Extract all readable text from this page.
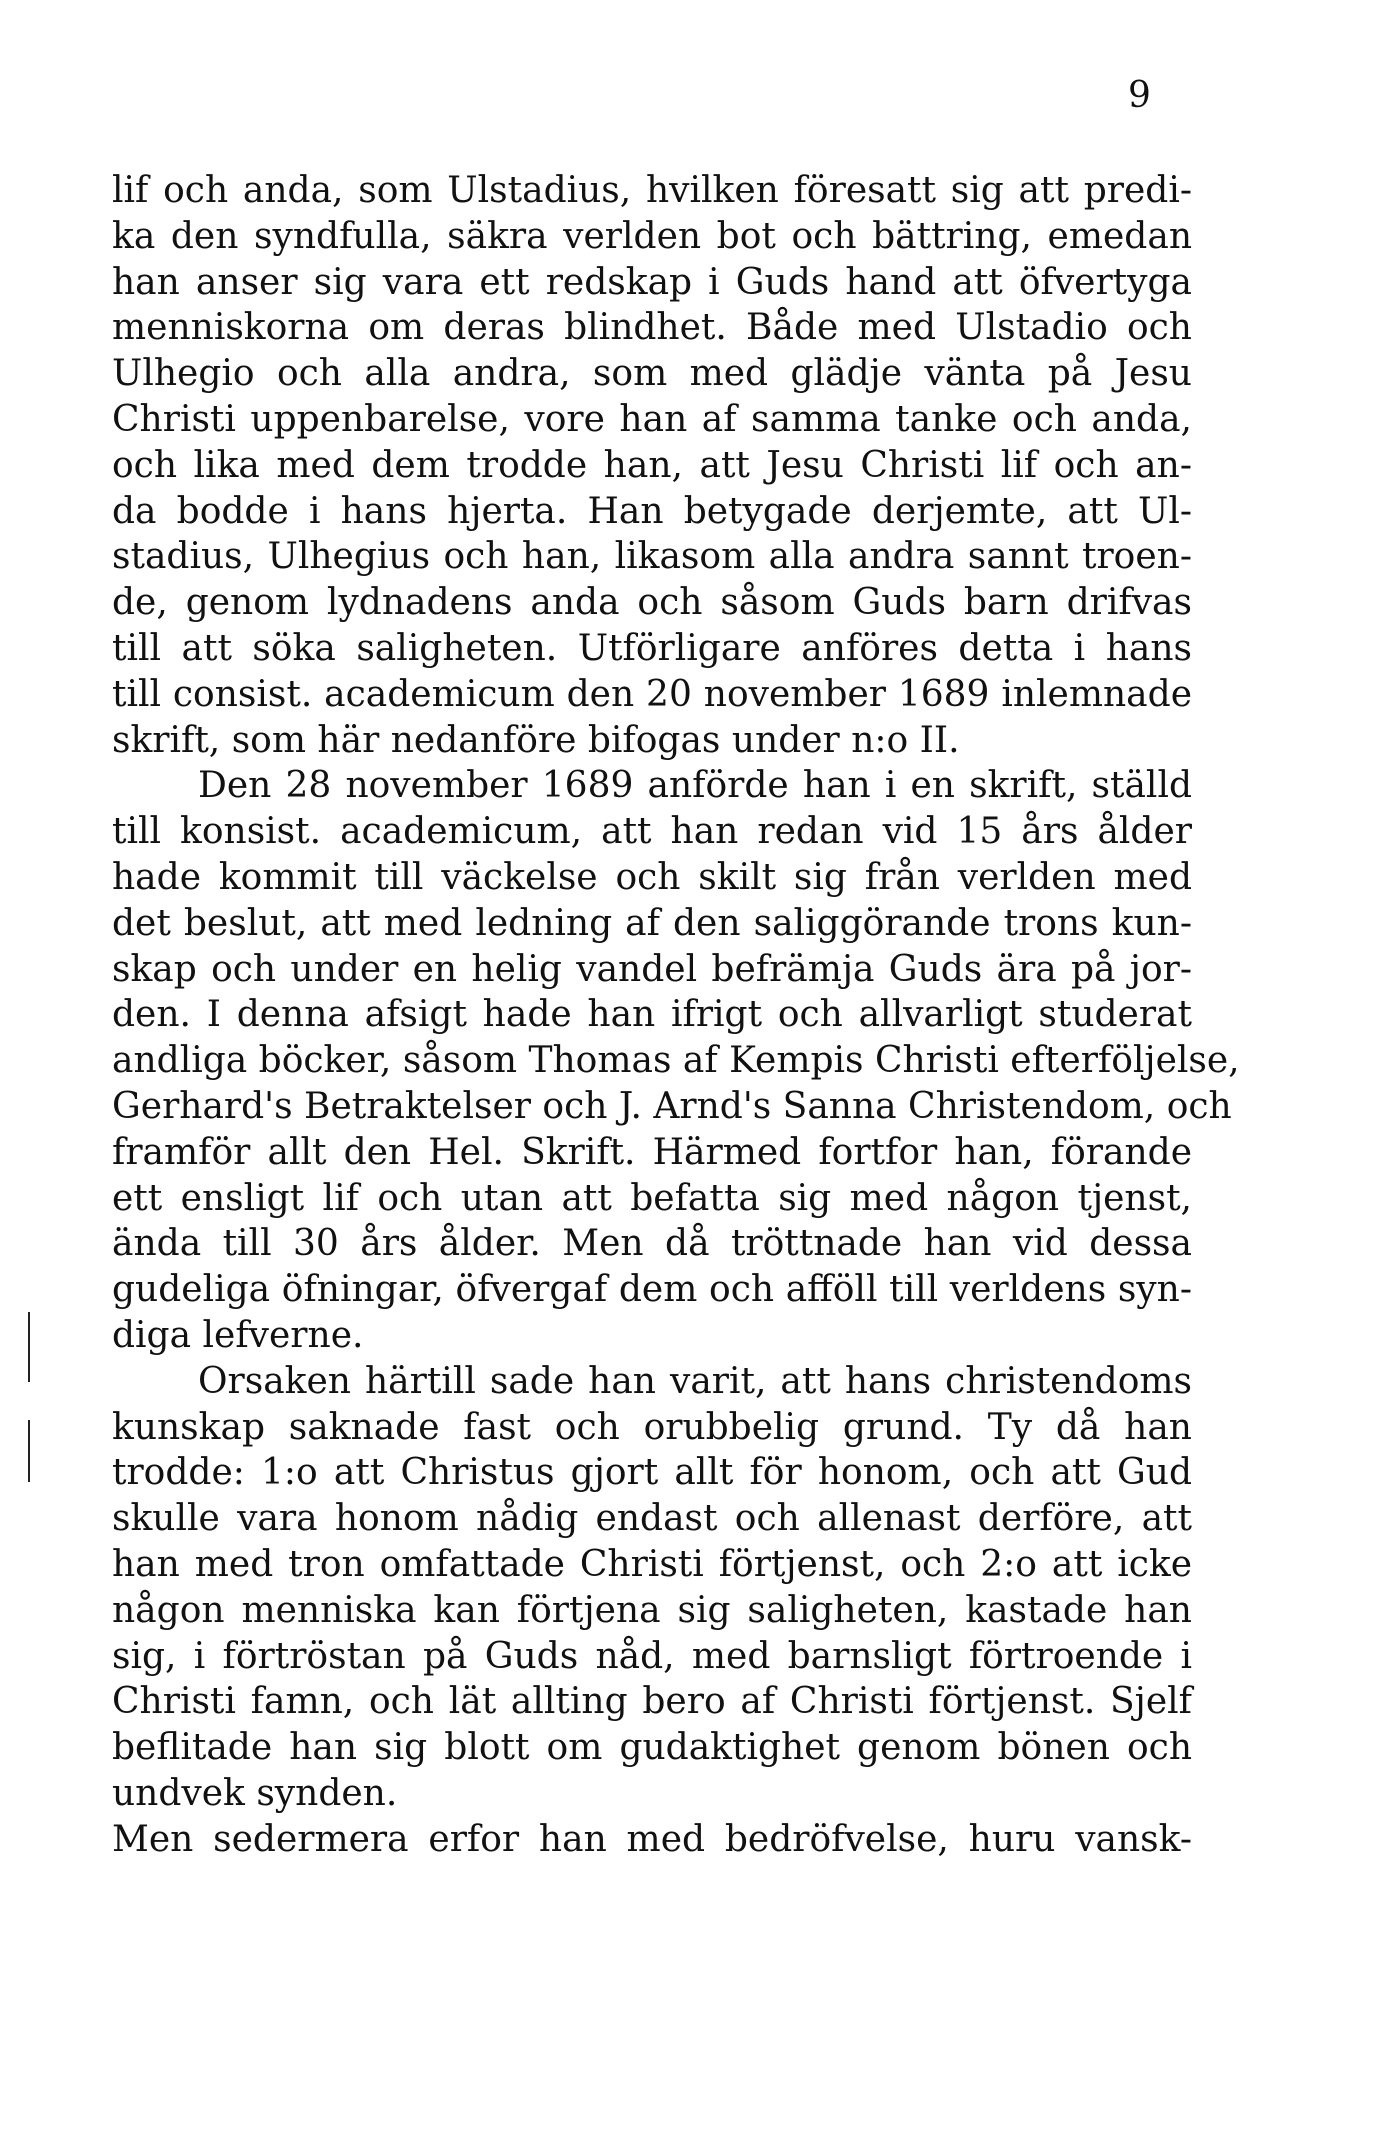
9
lif och anda, som Ulstadius, hvilken föresatt sig att predi-
ka den syndfulla, säkra verlden bot och bättring, emedan
han anser sig vara ett redskap i Guds hand att öfvertyga
menniskorna om deras blindhet. Både med Ulstadio och
Ulhegio och alla andra, som med glädje vänta på Jesu
Christi uppenbarelse, vore han af samma tanke och anda,
och lika med dem trodde han, att Jesu Christi lif och an-
da bodde i hans hjerta. Han betygade derjemte, att Ul-
stadius, Ulhegius och han, likasom alla andra sannt troen-
de, genom lydnadens anda och såsom Guds barn drifvas
till att söka saligheten. Utförligare anföres detta i hans
till consist. academicum den 20 november 1689 inlemnade
skrift, som här nedanföre bifogas under n:o II.
Den 28 november 1689 anförde han i en skrift, ställd
till konsist. academicum, att han redan vid 15 års ålder
hade kommit till väckelse och skilt sig från verlden med
det beslut, att med ledning af den saliggörande trons kun-
skap och under en helig vandel befrämja Guds ära på jor-
den. I denna afsigt hade han ifrigt och allvarligt studerat
andliga böcker, såsom Thomas af Kempis Christi efterföljelse,
Gerhard's Betraktelser och J. Arnd's Sanna Christendom, och
framför allt den Hel. Skrift. Härmed fortfor han, förande
ett ensligt lif och utan att befatta sig med någon tjenst,
ända till 30 års ålder. Men då tröttnade han vid dessa
gudeliga öfningar, öfvergaf dem och afföll till verldens syn-
diga lefverne.
Orsaken härtill sade han varit, att hans christendoms
kunskap saknade fast och orubbelig grund. Ty då han
trodde: 1:o att Christus gjort allt för honom, och att Gud
skulle vara honom nådig endast och allenast derföre, att
han med tron omfattade Christi förtjenst, och 2:o att icke
någon menniska kan förtjena sig saligheten, kastade han
sig, i förtröstan på Guds nåd, med barnsligt förtroende i
Christi famn, och lät allting bero af Christi förtjenst. Sjelf
beflitade han sig blott om gudaktighet genom bönen och
undvek synden.
Men sedermera erfor han med bedröfvelse, huru vansk-
